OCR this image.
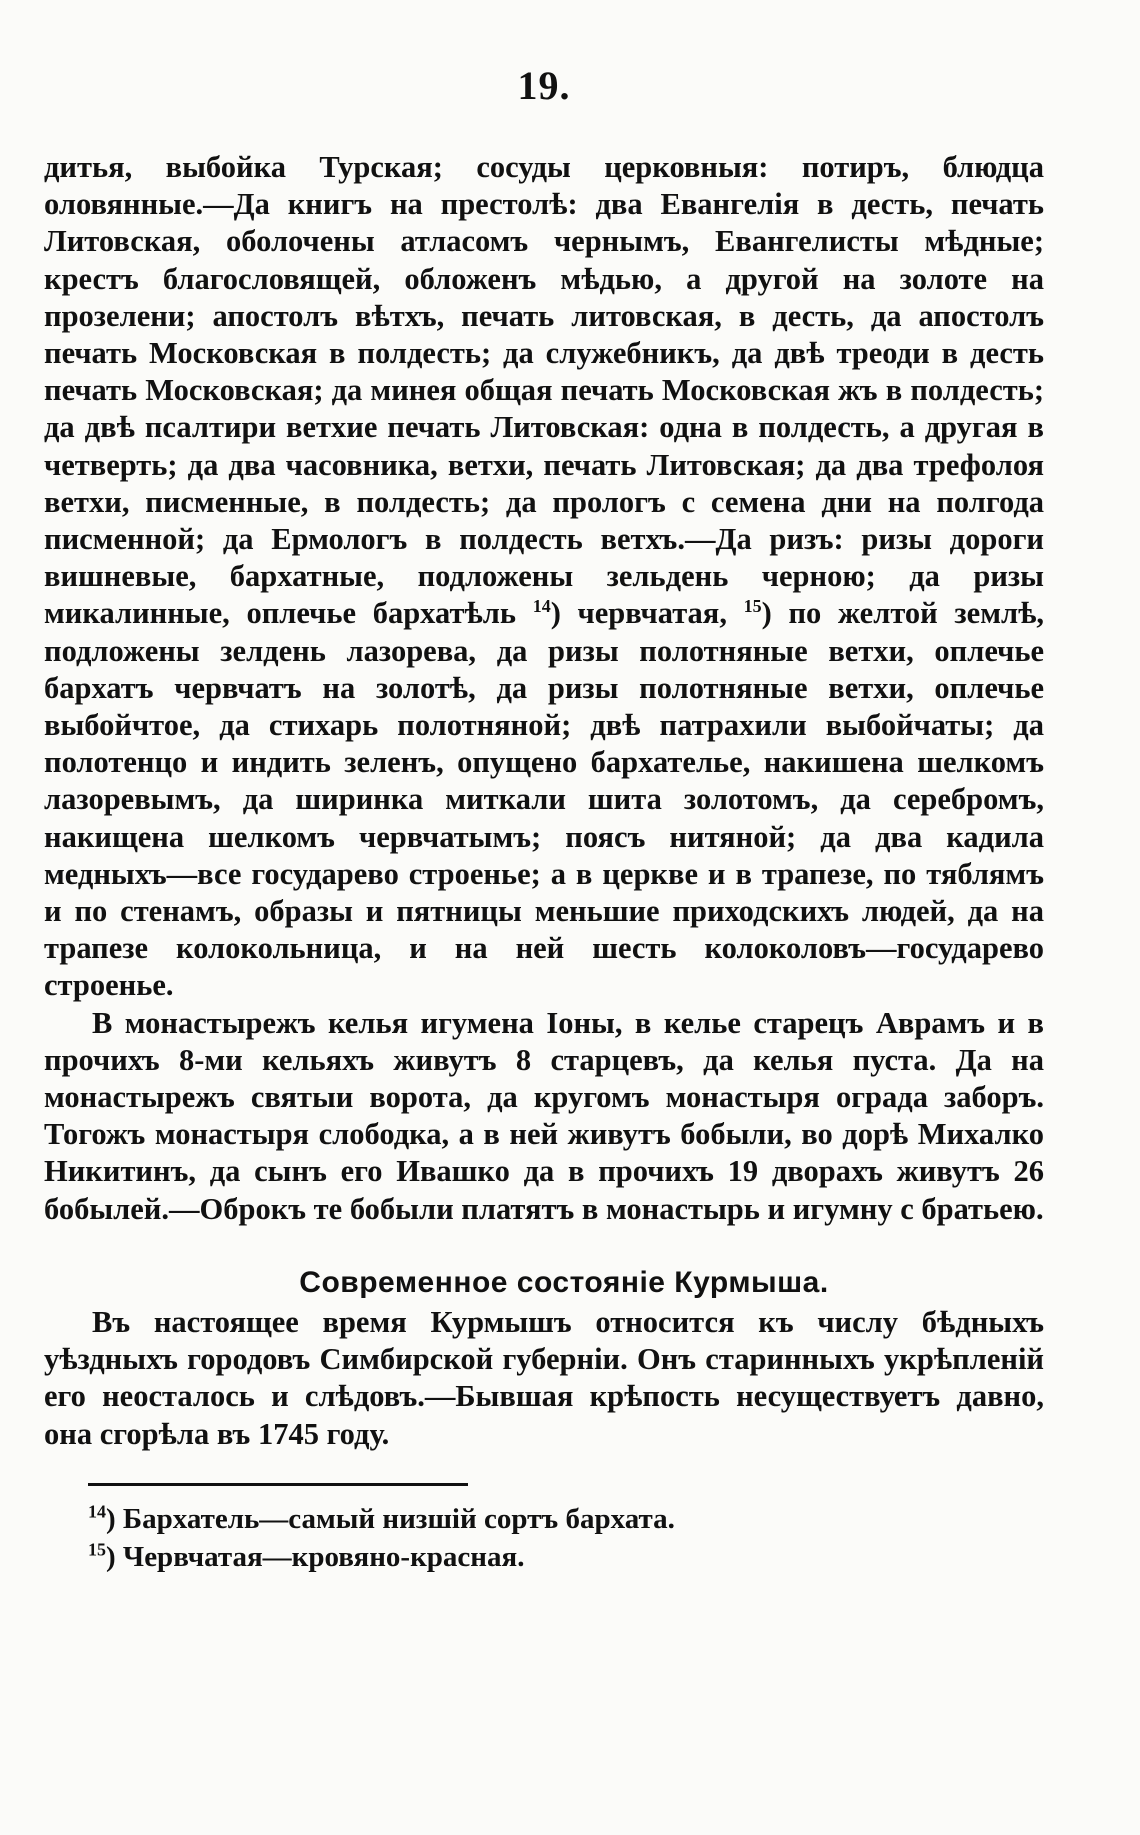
19.

дитья, выбойка Турская; сосуды церковныя: потиръ, блюдца оловянные.—Да книгъ на престолѣ: два Евангелія в десть, печать Литовская, оболочены атласомъ чернымъ, Евангелисты мѣдные; крестъ благословящей, обложенъ мѣдью, а другой на золоте на прозелени; апостолъ вѣтхъ, печать литовская, в десть, да апостолъ печать Московская в полдесть; да служебникъ, да двѣ треоди в десть печать Московская; да минея общая печать Московская жъ в полдесть; да двѣ псалтири ветхие печать Литовская: одна в полдесть, а другая в четверть; да два часовника, ветхи, печать Литовская; да два трефолоя ветхи, писменные, в полдесть; да прологъ с семена дни на полгода писменной; да Ермологъ в полдесть ветхъ.—Да ризъ: ризы дороги вишневые, бархатные, подложены зельдень черною; да ризы микалинные, оплечье бархатѣль $^{14}$) червчатая, $^{15}$) по желтой землѣ, подложены зелдень лазорева, да ризы полотняные ветхи, оплечье бархатъ червчатъ на золотѣ, да ризы полотняные ветхи, оплечье выбойчтое, да стихарь полотняной; двѣ патрахили выбойчаты; да полотенцо и индить зеленъ, опущено бархателье, накишена шелкомъ лазоревымъ, да ширинка миткали шита золотомъ, да серебромъ, накищена шелкомъ червчатымъ; поясъ нитяной; да два кадила медныхъ—все государево строенье; а в церкве и в трапезе, по тяблямъ и по стенамъ, образы и пятницы меньшие приходскихъ людей, да на трапезе колокольница, и на ней шесть колоколовъ—государево строенье.

В монастырежъ келья игумена Іоны, в келье старецъ Аврамъ и в прочихъ 8-ми кельяхъ живутъ 8 старцевъ, да келья пуста. Да на монастырежъ святыи ворота, да кругомъ монастыря ограда заборъ. Тогожъ монастыря слободка, а в ней живутъ бобыли, во дорѣ Михалко Никитинъ, да сынъ его Ивашко да в прочихъ 19 дворахъ живутъ 26 бобылей.—Оброкъ те бобыли платятъ в монастырь и игумну с братьею.

Современное состояніе Курмыша.

Въ настоящее время Курмышъ относится къ числу бѣдныхъ уѣздныхъ городовъ Симбирской губерніи. Онъ старинныхъ укрѣпленій его неосталось и слѣдовъ.—Бывшая крѣпость несуществуетъ давно, она сгорѣла въ 1745 году.

$^{14}$) Бархатель—самый низшій сортъ бархата.

$^{15}$) Червчатая—кровяно-красная.
